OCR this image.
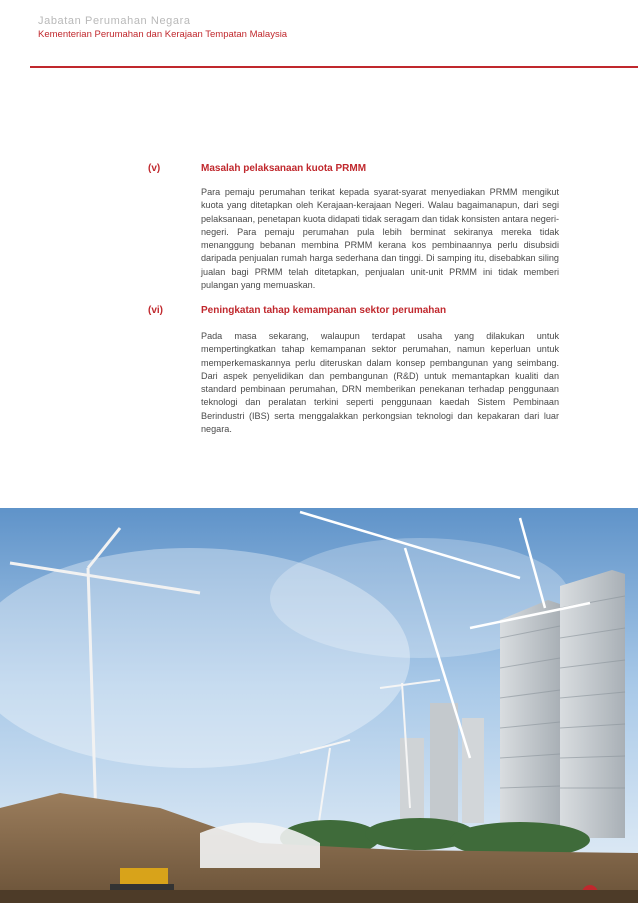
Jabatan Perumahan Negara
Kementerian Perumahan dan Kerajaan Tempatan Malaysia
(v)	Masalah pelaksanaan kuota PRMM
Para pemaju perumahan terikat kepada syarat-syarat menyediakan PRMM mengikut kuota yang ditetapkan oleh Kerajaan-kerajaan Negeri. Walau bagaimanapun, dari segi pelaksanaan, penetapan kuota didapati tidak seragam dan tidak konsisten antara negeri-negeri. Para pemaju perumahan pula lebih berminat sekiranya mereka tidak menanggung bebanan membina PRMM kerana kos pembinaannya perlu disubsidi daripada penjualan rumah harga sederhana dan tinggi. Di samping itu, disebabkan siling jualan bagi PRMM telah ditetapkan, penjualan unit-unit PRMM ini tidak memberi pulangan yang memuaskan.
(vi)	Peningkatan tahap kemampanan sektor perumahan
Pada masa sekarang, walaupun terdapat usaha yang dilakukan untuk mempertingkatkan tahap kemampanan sektor perumahan, namun keperluan untuk memperkemaskannya perlu diteruskan dalam konsep pembangunan yang seimbang. Dari aspek penyelidikan dan pembangunan (R&D) untuk memantapkan kualiti dan standard pembinaan perumahan, DRN memberikan penekanan terhadap penggunaan teknologi dan peralatan terkini seperti penggunaan kaedah Sistem Pembinaan Berindustri (IBS) serta menggalakkan perkongsian teknologi dan kepakaran dari luar negara.
